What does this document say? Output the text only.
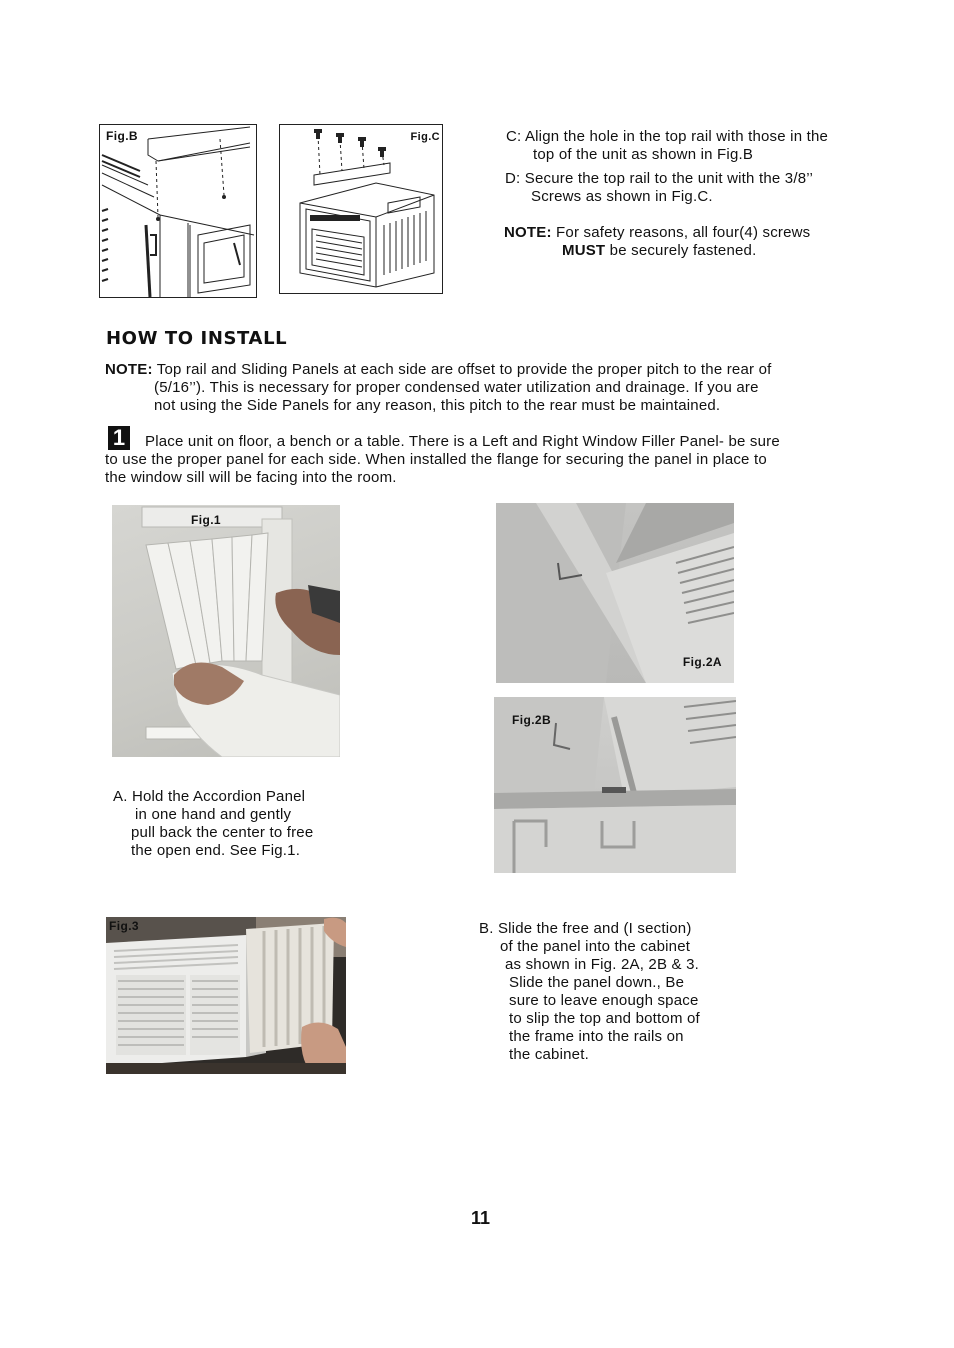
Fig.B	Fig.C	C: Align the hole in the top rail with those in the
top of the unit as shown in Fig.B
D: Secure the top rail to the unit with the 3/8’’
Screws as shown in Fig.C.
NOTE: For safety reasons, all four(4) screws
MUST be securely fastened.
HOW TO INSTALL
NOTE: Top rail and Sliding Panels at each side are offset to provide the proper pitch to the rear of
(5/16’’). This is necessary for proper condensed water utilization and drainage. If you are
not using the Side Panels for any reason, this pitch to the rear must be maintained.
1	Place unit on floor, a bench or a table. There is a Left and Right Window Filler Panel- be sure
to use the proper panel for each side. When installed the flange for securing the panel in place to
the window sill will be facing into the room.
Fig.1
Fig.2A
Fig.2B
A. Hold the Accordion Panel
in one hand and gently
pull back the center to free
the open end. See Fig.1.
Fig.3	B. Slide the free and (I section)
of the panel into the cabinet
as shown in Fig. 2A, 2B & 3.
Slide the panel down., Be
sure to leave enough space
to slip the top and bottom of
the frame into the rails on
the cabinet.
11
